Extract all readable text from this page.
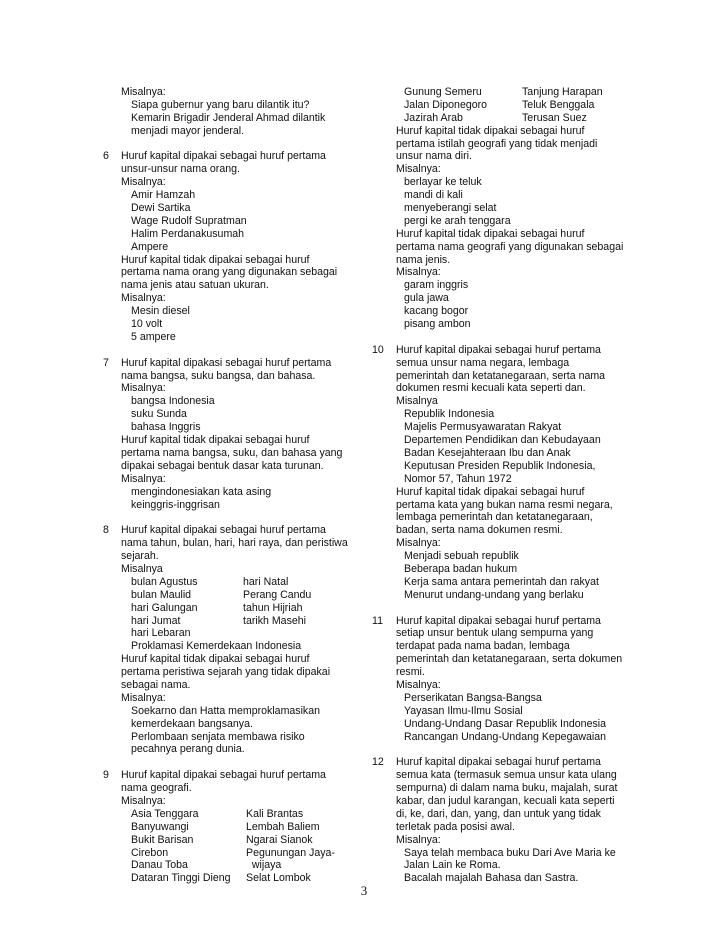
Misalnya:
Siapa gubernur yang baru dilantik itu?
Kemarin Brigadir Jenderal Ahmad dilantik
menjadi mayor jenderal.
6 Huruf kapital dipakai sebagai huruf pertama
unsur-unsur nama orang.
Misalnya:
Amir Hamzah
Dewi Sartika
Wage Rudolf Supratman
Halim Perdanakusumah
Ampere
Huruf kapital tidak dipakai sebagai huruf
pertama nama orang yang digunakan sebagai
nama jenis atau satuan ukuran.
Misalnya:
Mesin diesel
10 volt
5 ampere
7 Huruf kapital dipakasi sebagai huruf pertama
nama bangsa, suku bangsa, dan bahasa.
Misalnya:
bangsa Indonesia
suku Sunda
bahasa Inggris
Huruf kapital tidak dipakai sebagai huruf
pertama nama bangsa, suku, dan bahasa yang
dipakai sebagai bentuk dasar kata turunan.
Misalnya:
mengindonesiakan kata asing
keinggris-inggrisan
8 Huruf kapital dipakai sebagai huruf pertama
nama tahun, bulan, hari, hari raya, dan peristiwa
sejarah.
Misalnya
bulan Agustus	hari Natal
bulan Maulid	Perang Candu
hari Galungan	tahun Hijriah
hari Jumat	tarikh Masehi
hari Lebaran
Proklamasi Kemerdekaan Indonesia
Huruf kapital tidak dipakai sebagai huruf
pertama peristiwa sejarah yang tidak dipakai
sebagai nama.
Misalnya:
Soekarno dan Hatta memproklamasikan
kemerdekaan bangsanya.
Perlombaan senjata membawa risiko
pecahnya perang dunia.
9 Huruf kapital dipakai sebagai huruf pertama
nama geografi.
Misalnya:
Asia Tenggara	Kali Brantas
Banyuwangi	Lembah Baliem
Bukit Barisan	Ngarai Sianok
Cirebon	Pegunungan Jaya-
Danau Toba	wijaya
Dataran Tinggi Dieng	Selat Lombok
Gunung Semeru	Tanjung Harapan
Jalan Diponegoro	Teluk Benggala
Jazirah Arab	Terusan Suez
Huruf kapital tidak dipakai sebagai huruf
pertama istilah geografi yang tidak menjadi
unsur nama diri.
Misalnya:
berlayar ke teluk
mandi di kali
menyeberangi selat
pergi ke arah tenggara
Huruf kapital tidak dipakai sebagai huruf
pertama nama geografi yang digunakan sebagai
nama jenis.
Misalnya:
garam inggris
gula jawa
kacang bogor
pisang ambon
10 Huruf kapital dipakai sebagai huruf pertama
semua unsur nama negara, lembaga
pemerintah dan ketatanegaraan, serta nama
dokumen resmi kecuali kata seperti dan.
Misalnya
Republik Indonesia
Majelis Permusyawaratan Rakyat
Departemen Pendidikan dan Kebudayaan
Badan Kesejahteraan Ibu dan Anak
Keputusan Presiden Republik Indonesia,
Nomor 57, Tahun 1972
Huruf kapital tidak dipakai sebagai huruf
pertama kata yang bukan nama resmi negara,
lembaga pemerintah dan ketatanegaraan,
badan, serta nama dokumen resmi.
Misalnya:
Menjadi sebuah republik
Beberapa badan hukum
Kerja sama antara pemerintah dan rakyat
Menurut undang-undang yang berlaku
11 Huruf kapital dipakai sebagai huruf pertama
setiap unsur bentuk ulang sempurna yang
terdapat pada nama badan, lembaga
pemerintah dan ketatanegaraan, serta dokumen
resmi.
Misalnya:
Perserikatan Bangsa-Bangsa
Yayasan Ilmu-Ilmu Sosial
Undang-Undang Dasar Republik Indonesia
Rancangan Undang-Undang Kepegawaian
12 Huruf kapital dipakai sebagai huruf pertama
semua kata (termasuk semua unsur kata ulang
sempurna) di dalam nama buku, majalah, surat
kabar, dan judul karangan, kecuali kata seperti
di, ke, dari, dan, yang, dan untuk yang tidak
terletak pada posisi awal.
Misalnya:
Saya telah membaca buku Dari Ave Maria ke
Jalan Lain ke Roma.
Bacalah majalah Bahasa dan Sastra.
3
